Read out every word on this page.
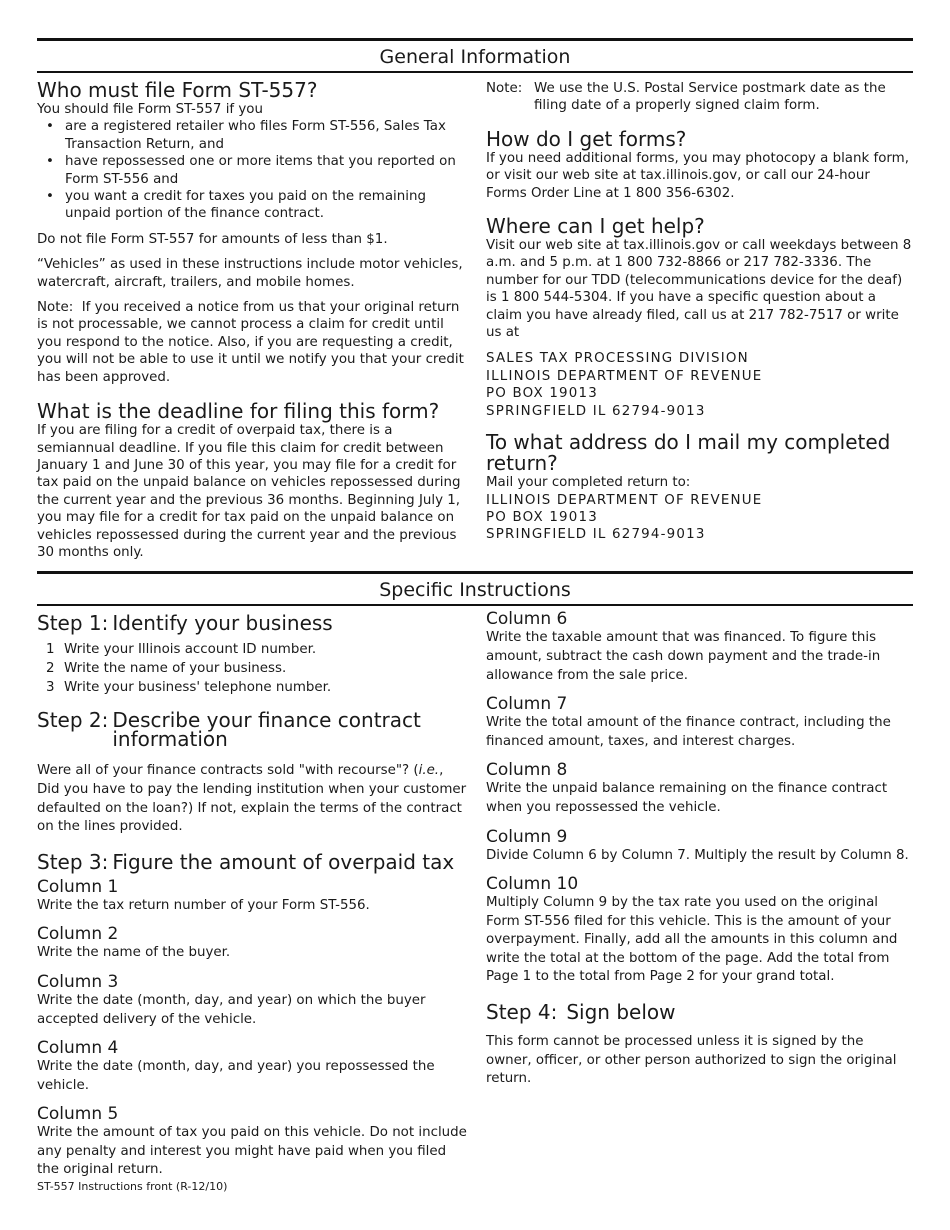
General Information
Who must file Form ST-557?

You should file Form ST-557 if you

• are a registered retailer who files Form ST-556, Sales Tax Transaction Return, and
• have repossessed one or more items that you reported on Form ST-556 and
• you want a credit for taxes you paid on the remaining unpaid portion of the finance contract.

Do not file Form ST-557 for amounts of less than $1.

“Vehicles” as used in these instructions include motor vehicles, watercraft, aircraft, trailers, and mobile homes.

Note: If you received a notice from us that your original return is not processable, we cannot process a claim for credit until you respond to the notice. Also, if you are requesting a credit, you will not be able to use it until we notify you that your credit has been approved.

What is the deadline for filing this form?

If you are filing for a credit of overpaid tax, there is a semiannual deadline. If you file this claim for credit between January 1 and June 30 of this year, you may file for a credit for tax paid on the unpaid balance on vehicles repossessed during the current year and the previous 36 months. Beginning July 1, you may file for a credit for tax paid on the unpaid balance on vehicles repossessed during the current year and the previous 30 months only.

Note: We use the U.S. Postal Service postmark date as the filing date of a properly signed claim form.
How do I get forms?

If you need additional forms, you may photocopy a blank form, or visit our web site at tax.illinois.gov, or call our 24-hour Forms Order Line at 1 800 356-6302.

Where can I get help?

Visit our web site at tax.illinois.gov or call weekdays between 8 a.m. and 5 p.m. at 1 800 732-8866 or 217 782-3336. The number for our TDD (telecommunications device for the deaf) is 1 800 544-5304. If you have a specific question about a claim you have already filed, call us at 217 782-7517 or write us at

SALES TAX PROCESSING DIVISION

ILLINOIS DEPARTMENT OF REVENUE

PO BOX 19013

SPRINGFIELD IL 62794-9013

To what address do I mail my completed return?

Mail your completed return to:

ILLINOIS DEPARTMENT OF REVENUE

PO BOX 19013

SPRINGFIELD IL 62794-9013

Specific Instructions
Step 1: Identify your business
1 Write your Illinois account ID number.
2 Write the name of your business.
3 Write your business' telephone number.
Step 2: Describe your finance contract information

Were all of your finance contracts sold "with recourse"? (i.e., Did you have to pay the lending institution when your customer defaulted on the loan?) If not, explain the terms of the contract on the lines provided.

Step 3: Figure the amount of overpaid tax
Column 1

Write the tax return number of your Form ST-556.

Column 2

Write the name of the buyer.

Column 3

Write the date (month, day, and year) on which the buyer accepted delivery of the vehicle.

Column 4

Write the date (month, day, and year) you repossessed the vehicle.

Column 5

Write the amount of tax you paid on this vehicle. Do not include any penalty and interest you might have paid when you filed the original return.

Column 6

Write the taxable amount that was financed. To figure this amount, subtract the cash down payment and the trade-in allowance from the sale price.

Column 7

Write the total amount of the finance contract, including the financed amount, taxes, and interest charges.

Column 8

Write the unpaid balance remaining on the finance contract when you repossessed the vehicle.

Column 9

Divide Column 6 by Column 7. Multiply the result by Column 8.

Column 10

Multiply Column 9 by the tax rate you used on the original Form ST-556 filed for this vehicle. This is the amount of your overpayment. Finally, add all the amounts in this column and write the total at the bottom of the page. Add the total from Page 1 to the total from Page 2 for your grand total.

Step 4: Sign below

This form cannot be processed unless it is signed by the owner, officer, or other person authorized to sign the original return.

ST-557 Instructions front (R-12/10)
